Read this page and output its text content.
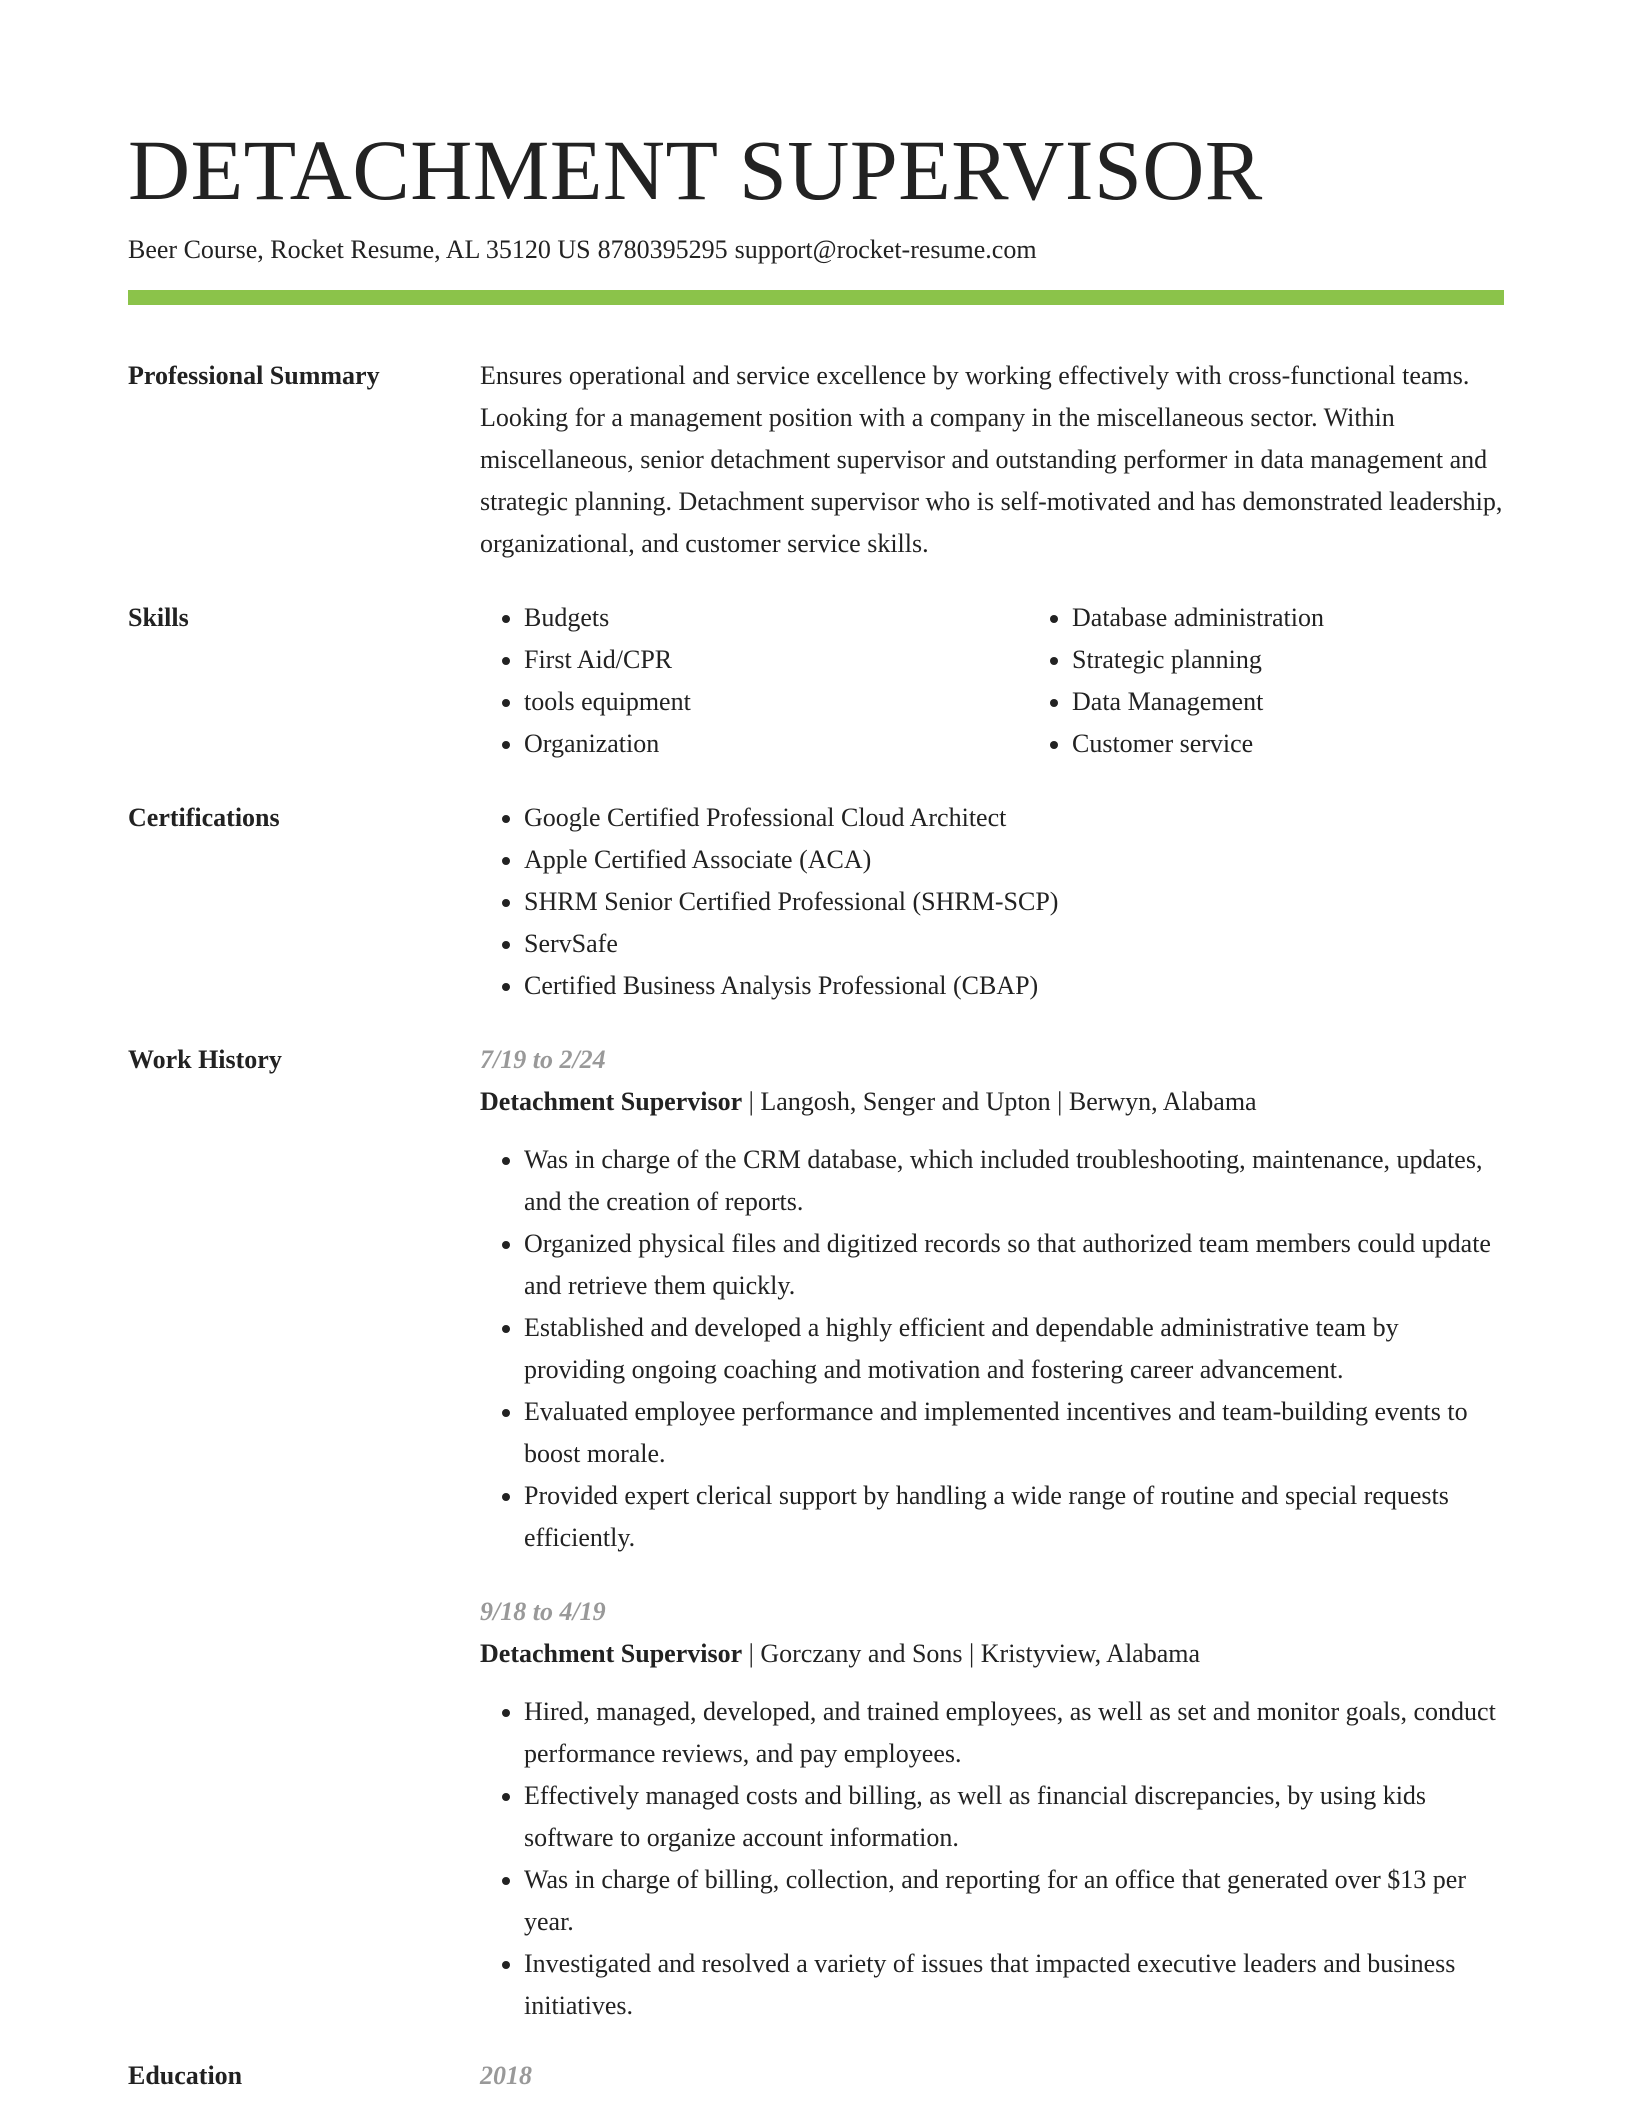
DETACHMENT SUPERVISOR
Beer Course, Rocket Resume, AL 35120 US 8780395295 support@rocket-resume.com
Professional Summary	Ensures operational and service excellence by working effectively with cross-functional teams. Looking for a management position with a company in the miscellaneous sector. Within miscellaneous, senior detachment supervisor and outstanding performer in data management and strategic planning. Detachment supervisor who is self-motivated and has demonstrated leadership, organizational, and customer service skills.
Skills	• Budgets
• First Aid/CPR
• tools equipment
• Organization
• Database administration
• Strategic planning
• Data Management
• Customer service
Certifications	• Google Certified Professional Cloud Architect
• Apple Certified Associate (ACA)
• SHRM Senior Certified Professional (SHRM-SCP)
• ServSafe
• Certified Business Analysis Professional (CBAP)
Work History	7/19 to 2/24
Detachment Supervisor | Langosh, Senger and Upton | Berwyn, Alabama
• Was in charge of the CRM database, which included troubleshooting, maintenance, updates, and the creation of reports.
• Organized physical files and digitized records so that authorized team members could update and retrieve them quickly.
• Established and developed a highly efficient and dependable administrative team by providing ongoing coaching and motivation and fostering career advancement.
• Evaluated employee performance and implemented incentives and team-building events to boost morale.
• Provided expert clerical support by handling a wide range of routine and special requests efficiently.
9/18 to 4/19
Detachment Supervisor | Gorczany and Sons | Kristyview, Alabama
• Hired, managed, developed, and trained employees, as well as set and monitor goals, conduct performance reviews, and pay employees.
• Effectively managed costs and billing, as well as financial discrepancies, by using kids software to organize account information.
• Was in charge of billing, collection, and reporting for an office that generated over $13 per year.
• Investigated and resolved a variety of issues that impacted executive leaders and business initiatives.
Education	2018
